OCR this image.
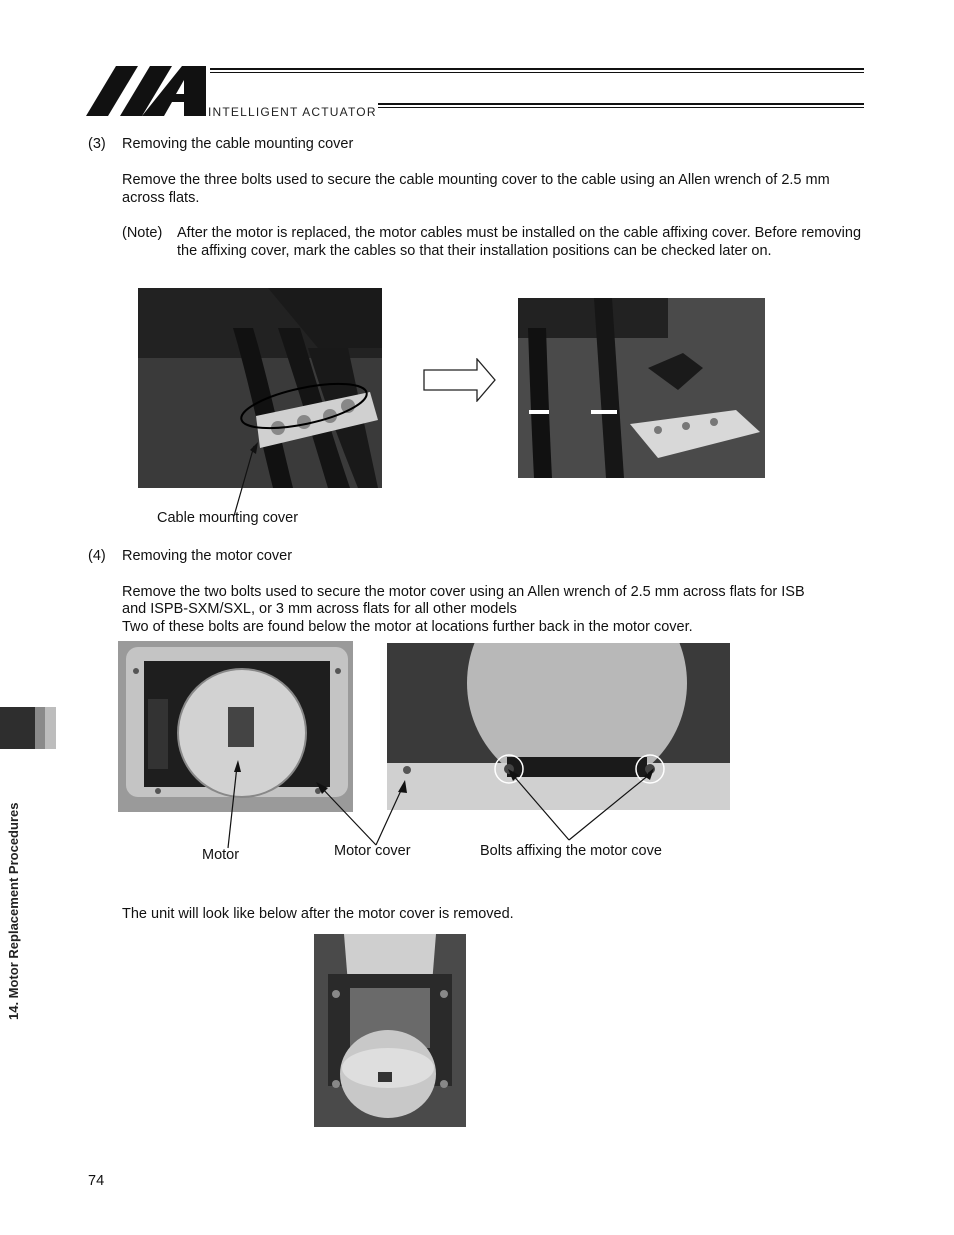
INTELLIGENT ACTUATOR
(3) Removing the cable mounting cover
Remove the three bolts used to secure the cable mounting cover to the cable using an Allen wrench of 2.5 mm across flats.
(Note) After the motor is replaced, the motor cables must be installed on the cable affixing cover. Before removing the affixing cover, mark the cables so that their installation positions can be checked later on.
Cable mounting cover
(4) Removing the motor cover
Remove the two bolts used to secure the motor cover using an Allen wrench of 2.5 mm across flats for ISB
and ISPB-SXM/SXL, or 3 mm across flats for all other models
Two of these bolts are found below the motor at locations further back in the motor cover.
Motor	Motor cover	Bolts affixing the motor cove
The unit will look like below after the motor cover is removed.
14. Motor Replacement Procedures
74
